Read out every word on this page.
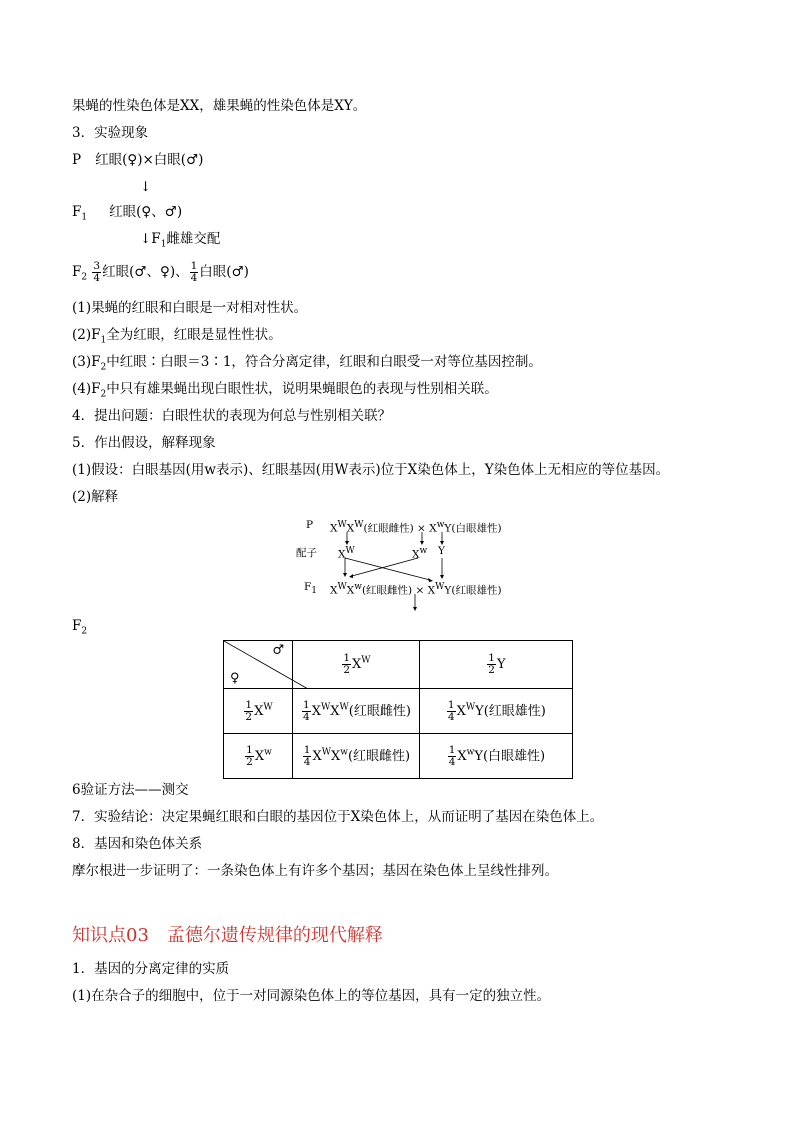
果蝇的性染色体是XX，雄果蝇的性染色体是XY。
3．实验现象
P 红眼(♀)×白眼(♂)
↓
$F_1$ 红眼(♀、♂)
$↓F_1$雌雄交配
$F_2 \frac{3}{4}$ 红眼(♂、♀)、 $\frac{1}{4}$ 白眼(♂)
(1)果蝇的红眼和白眼是一对相对性状。
$(2)F_1$全为红眼，红眼是显性性状。
$(3)F_2$中红眼∶白眼＝3∶1，符合分离定律，红眼和白眼受一对等位基因控制。
$(4)F_2$中只有雄果蝇出现白眼性状，说明果蝇眼色的表现与性别相关联。
4．提出问题：白眼性状的表现为何总与性别相关联？
5．作出假设，解释现象
(1)假设：白眼基因(用w表示)、红眼基因(用W表示)位于X染色体上，Y染色体上无相应的等位基因。
(2)解释
P $X^WX^W$(红眼雌性) × $X^wY$(白眼雄性)
配子 $X^W$	$X^w$ Y
$F_1$ $X^WX^w$(红眼雌性) × $X^WY$(红眼雄性)
$F_2$
♂
♀	$\frac{1}{2} X^W$	$\frac{1}{2}$ Y

$\frac{1}{2} X^W$	$\frac{1}{4} X^WX^W$(红眼雌性)	$\frac{1}{4} X^WY$(红眼雄性)

$\frac{1}{2} X^w$	$\frac{1}{4} X^WX^w$(红眼雌性)	$\frac{1}{4} X^wY$(白眼雄性)
6验证方法——测交
7．实验结论：决定果蝇红眼和白眼的基因位于X染色体上，从而证明了基因在染色体上。
8．基因和染色体关系
摩尔根进一步证明了：一条染色体上有许多个基因；基因在染色体上呈线性排列。
知识点03 孟德尔遗传规律的现代解释
1．基因的分离定律的实质
(1)在杂合子的细胞中，位于一对同源染色体上的等位基因，具有一定的独立性。
